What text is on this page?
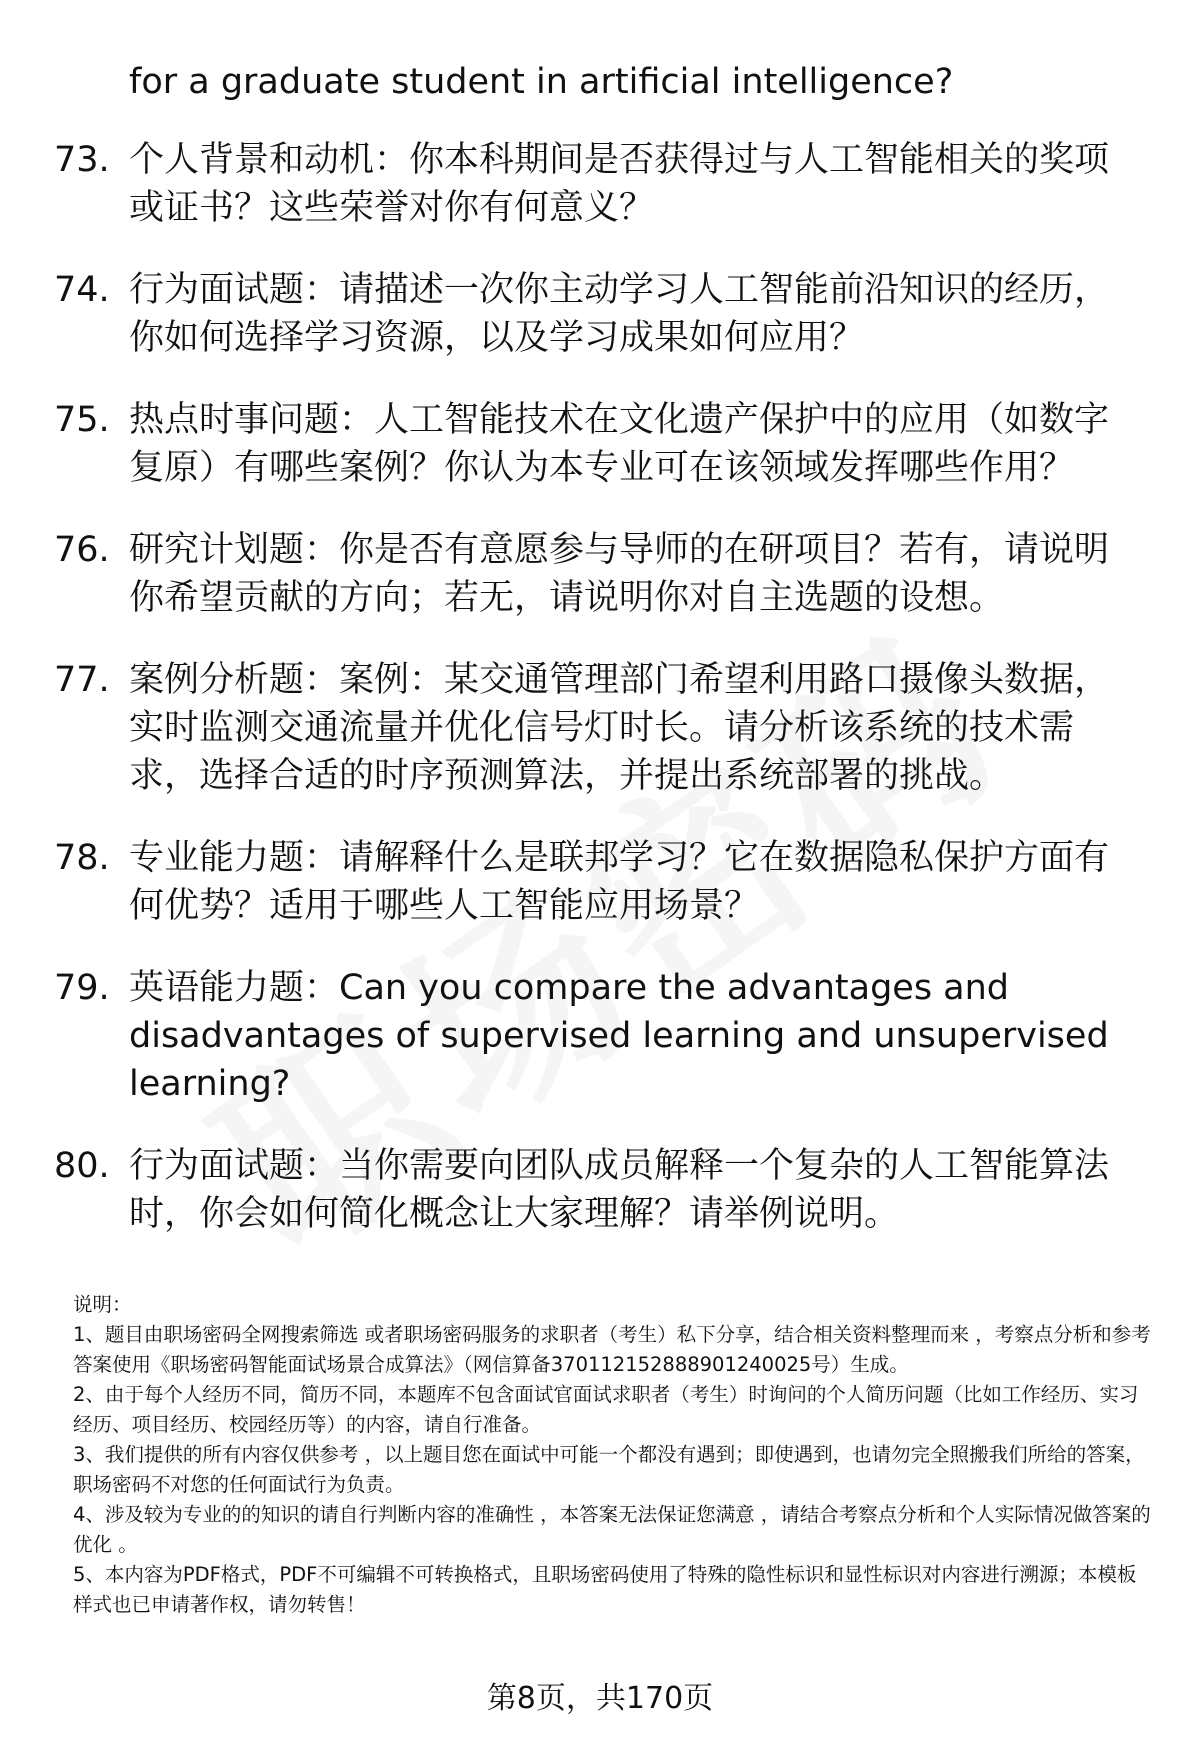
for a graduate student in artificial intelligence?
73. 个人背景和动机：你本科期间是否获得过与人工智能相关的奖项或证书？这些荣誉对你有何意义？
74. 行为面试题：请描述一次你主动学习人工智能前沿知识的经历，你如何选择学习资源，以及学习成果如何应用？
75. 热点时事问题：人工智能技术在文化遗产保护中的应用（如数字复原）有哪些案例？你认为本专业可在该领域发挥哪些作用？
76. 研究计划题：你是否有意愿参与导师的在研项目？若有，请说明你希望贡献的方向；若无，请说明你对自主选题的设想。
77. 案例分析题：案例：某交通管理部门希望利用路口摄像头数据，实时监测交通流量并优化信号灯时长。请分析该系统的技术需求，选择合适的时序预测算法，并提出系统部署的挑战。
78. 专业能力题：请解释什么是联邦学习？它在数据隐私保护方面有何优势？适用于哪些人工智能应用场景？
79. 英语能力题：Can you compare the advantages and disadvantages of supervised learning and unsupervised learning?
80. 行为面试题：当你需要向团队成员解释一个复杂的人工智能算法时，你会如何简化概念让大家理解？请举例说明。
说明：

1、题目由职场密码全网搜索筛选 或者职场密码服务的求职者（考生）私下分享，结合相关资料整理而来 ，考察点分析和参考答案使用《职场密码智能面试场景合成算法》（网信算备370112152888901240025号）生成。

2、由于每个人经历不同，简历不同，本题库不包含面试官面试求职者（考生）时询问的个人简历问题（比如工作经历、实习经历、项目经历、校园经历等）的内容，请自行准备。

3、我们提供的所有内容仅供参考 ，以上题目您在面试中可能一个都没有遇到；即使遇到，也请勿完全照搬我们所给的答案，职场密码不对您的任何面试行为负责。

4、涉及较为专业的的知识的请自行判断内容的准确性 ，本答案无法保证您满意 ，请结合考察点分析和个人实际情况做答案的优化 。

5、本内容为PDF格式，PDF不可编辑不可转换格式，且职场密码使用了特殊的隐性标识和显性标识对内容进行溯源；本模板样式也已申请著作权，请勿转售！

第8页，共170页
